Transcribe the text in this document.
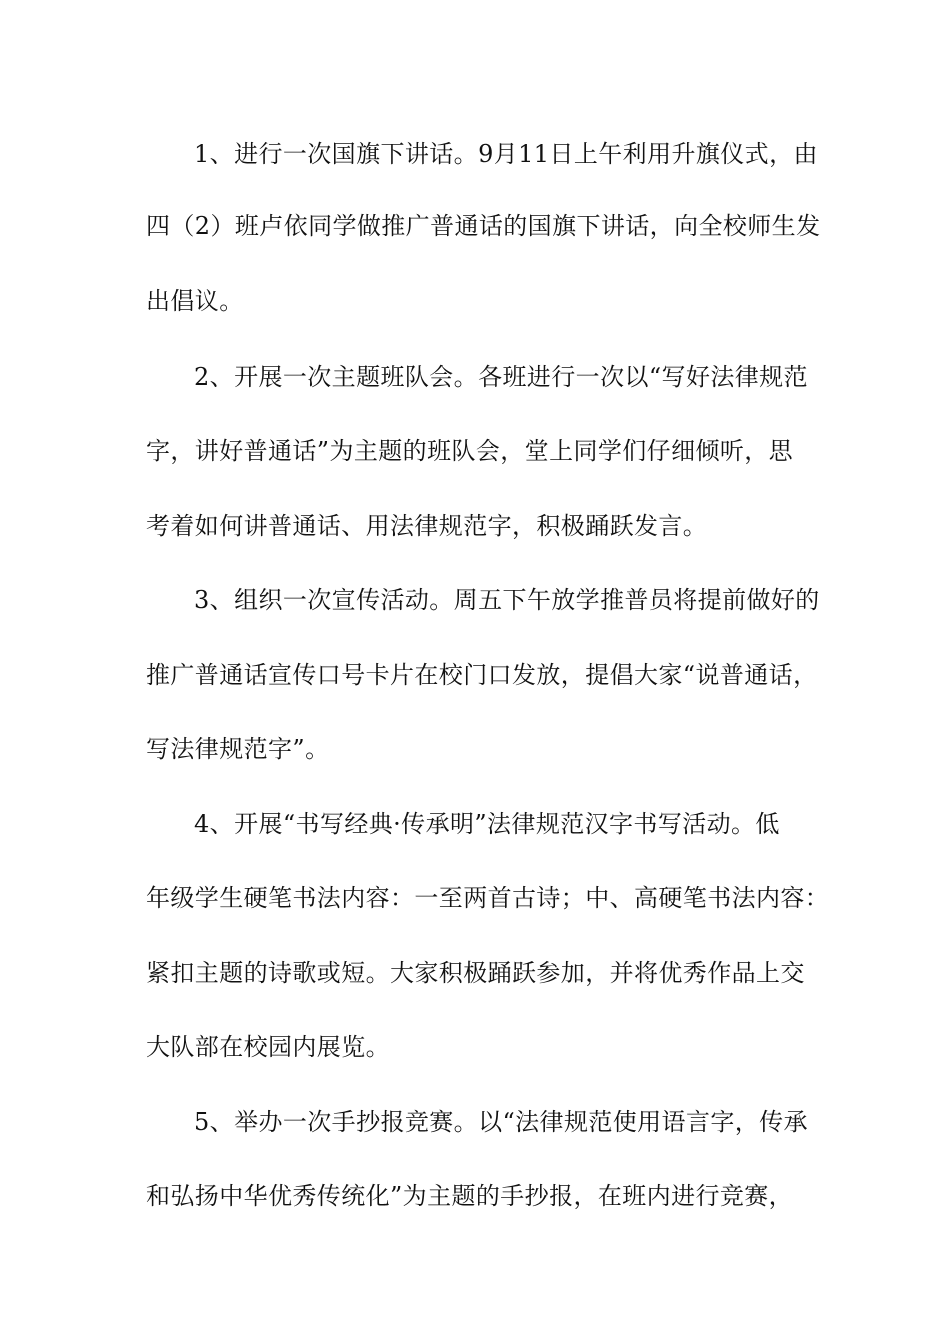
1、进行一次国旗下讲话。9月11日上午利用升旗仪式，由
四（2）班卢依同学做推广普通话的国旗下讲话，向全校师生发
出倡议。
2、开展一次主题班队会。各班进行一次以“写好法律规范
字，讲好普通话”为主题的班队会，堂上同学们仔细倾听，思
考着如何讲普通话、用法律规范字，积极踊跃发言。
3、组织一次宣传活动。周五下午放学推普员将提前做好的
推广普通话宣传口号卡片在校门口发放，提倡大家“说普通话，
写法律规范字”。
4、开展“书写经典·传承明”法律规范汉字书写活动。低
年级学生硬笔书法内容：一至两首古诗；中、高硬笔书法内容：
紧扣主题的诗歌或短。大家积极踊跃参加，并将优秀作品上交
大队部在校园内展览。
5、举办一次手抄报竞赛。以“法律规范使用语言字，传承
和弘扬中华优秀传统化”为主题的手抄报，在班内进行竞赛，
